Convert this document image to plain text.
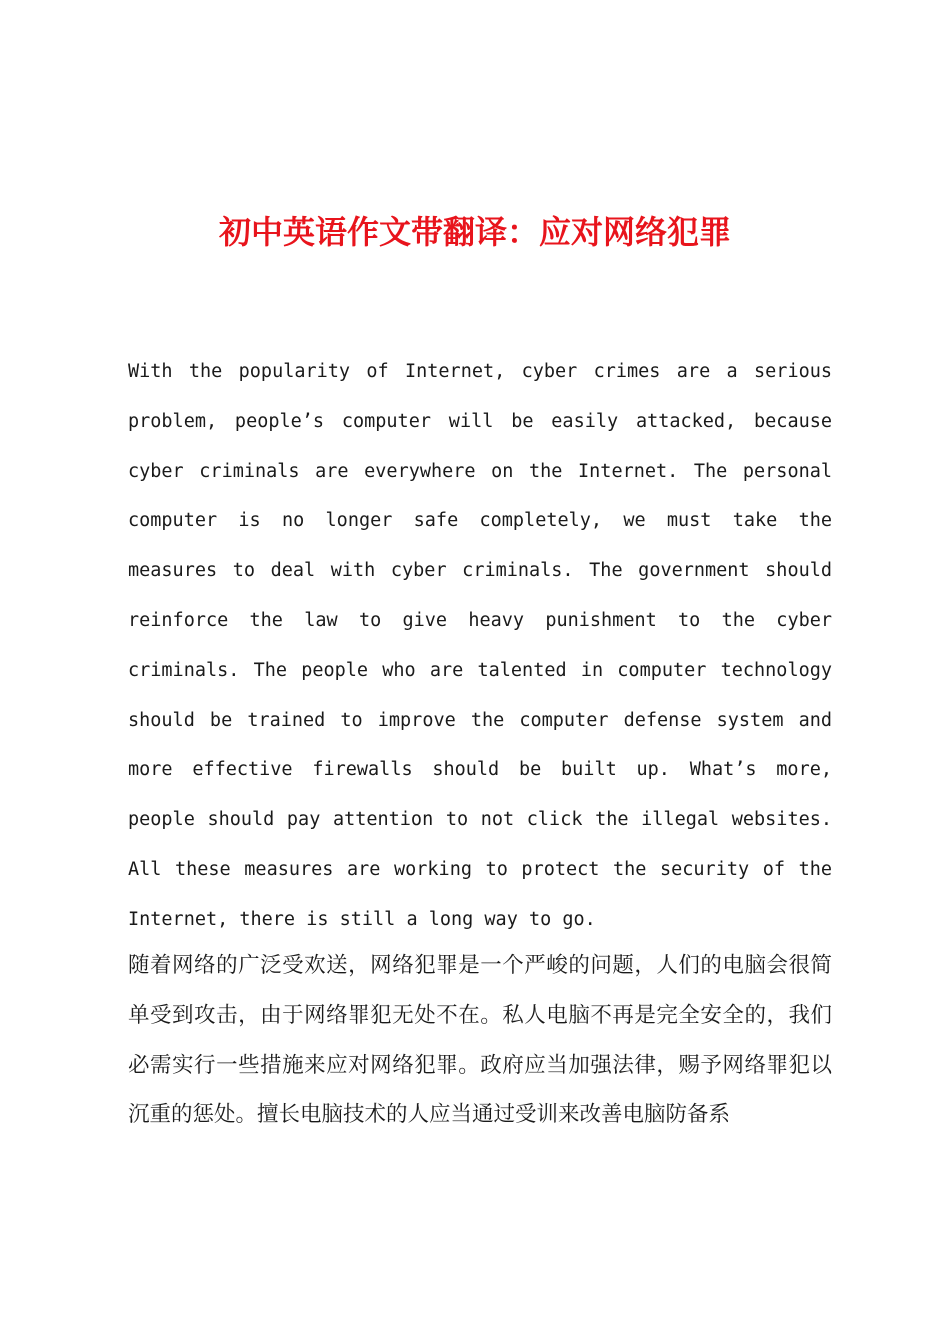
初中英语作文带翻译：应对网络犯罪

With the popularity of Internet, cyber crimes are a serious problem, people’s computer will be easily attacked, because cyber criminals are everywhere on the Internet. The personal computer is no longer safe completely, we must take the measures to deal with cyber criminals. The government should reinforce the law to give heavy punishment to the cyber criminals. The people who are talented in computer technology should be trained to improve the computer defense system and more effective firewalls should be built up. What’s more, people should pay attention to not click the illegal websites. All these measures are working to protect the security of the Internet, there is still a long way to go.

随着网络的广泛受欢送，网络犯罪是一个严峻的问题，人们的电脑会很简单受到攻击，由于网络罪犯无处不在。私人电脑不再是完全安全的，我们必需实行一些措施来应对网络犯罪。政府应当加强法律，赐予网络罪犯以沉重的惩处。擅长电脑技术的人应当通过受训来改善电脑防备系
